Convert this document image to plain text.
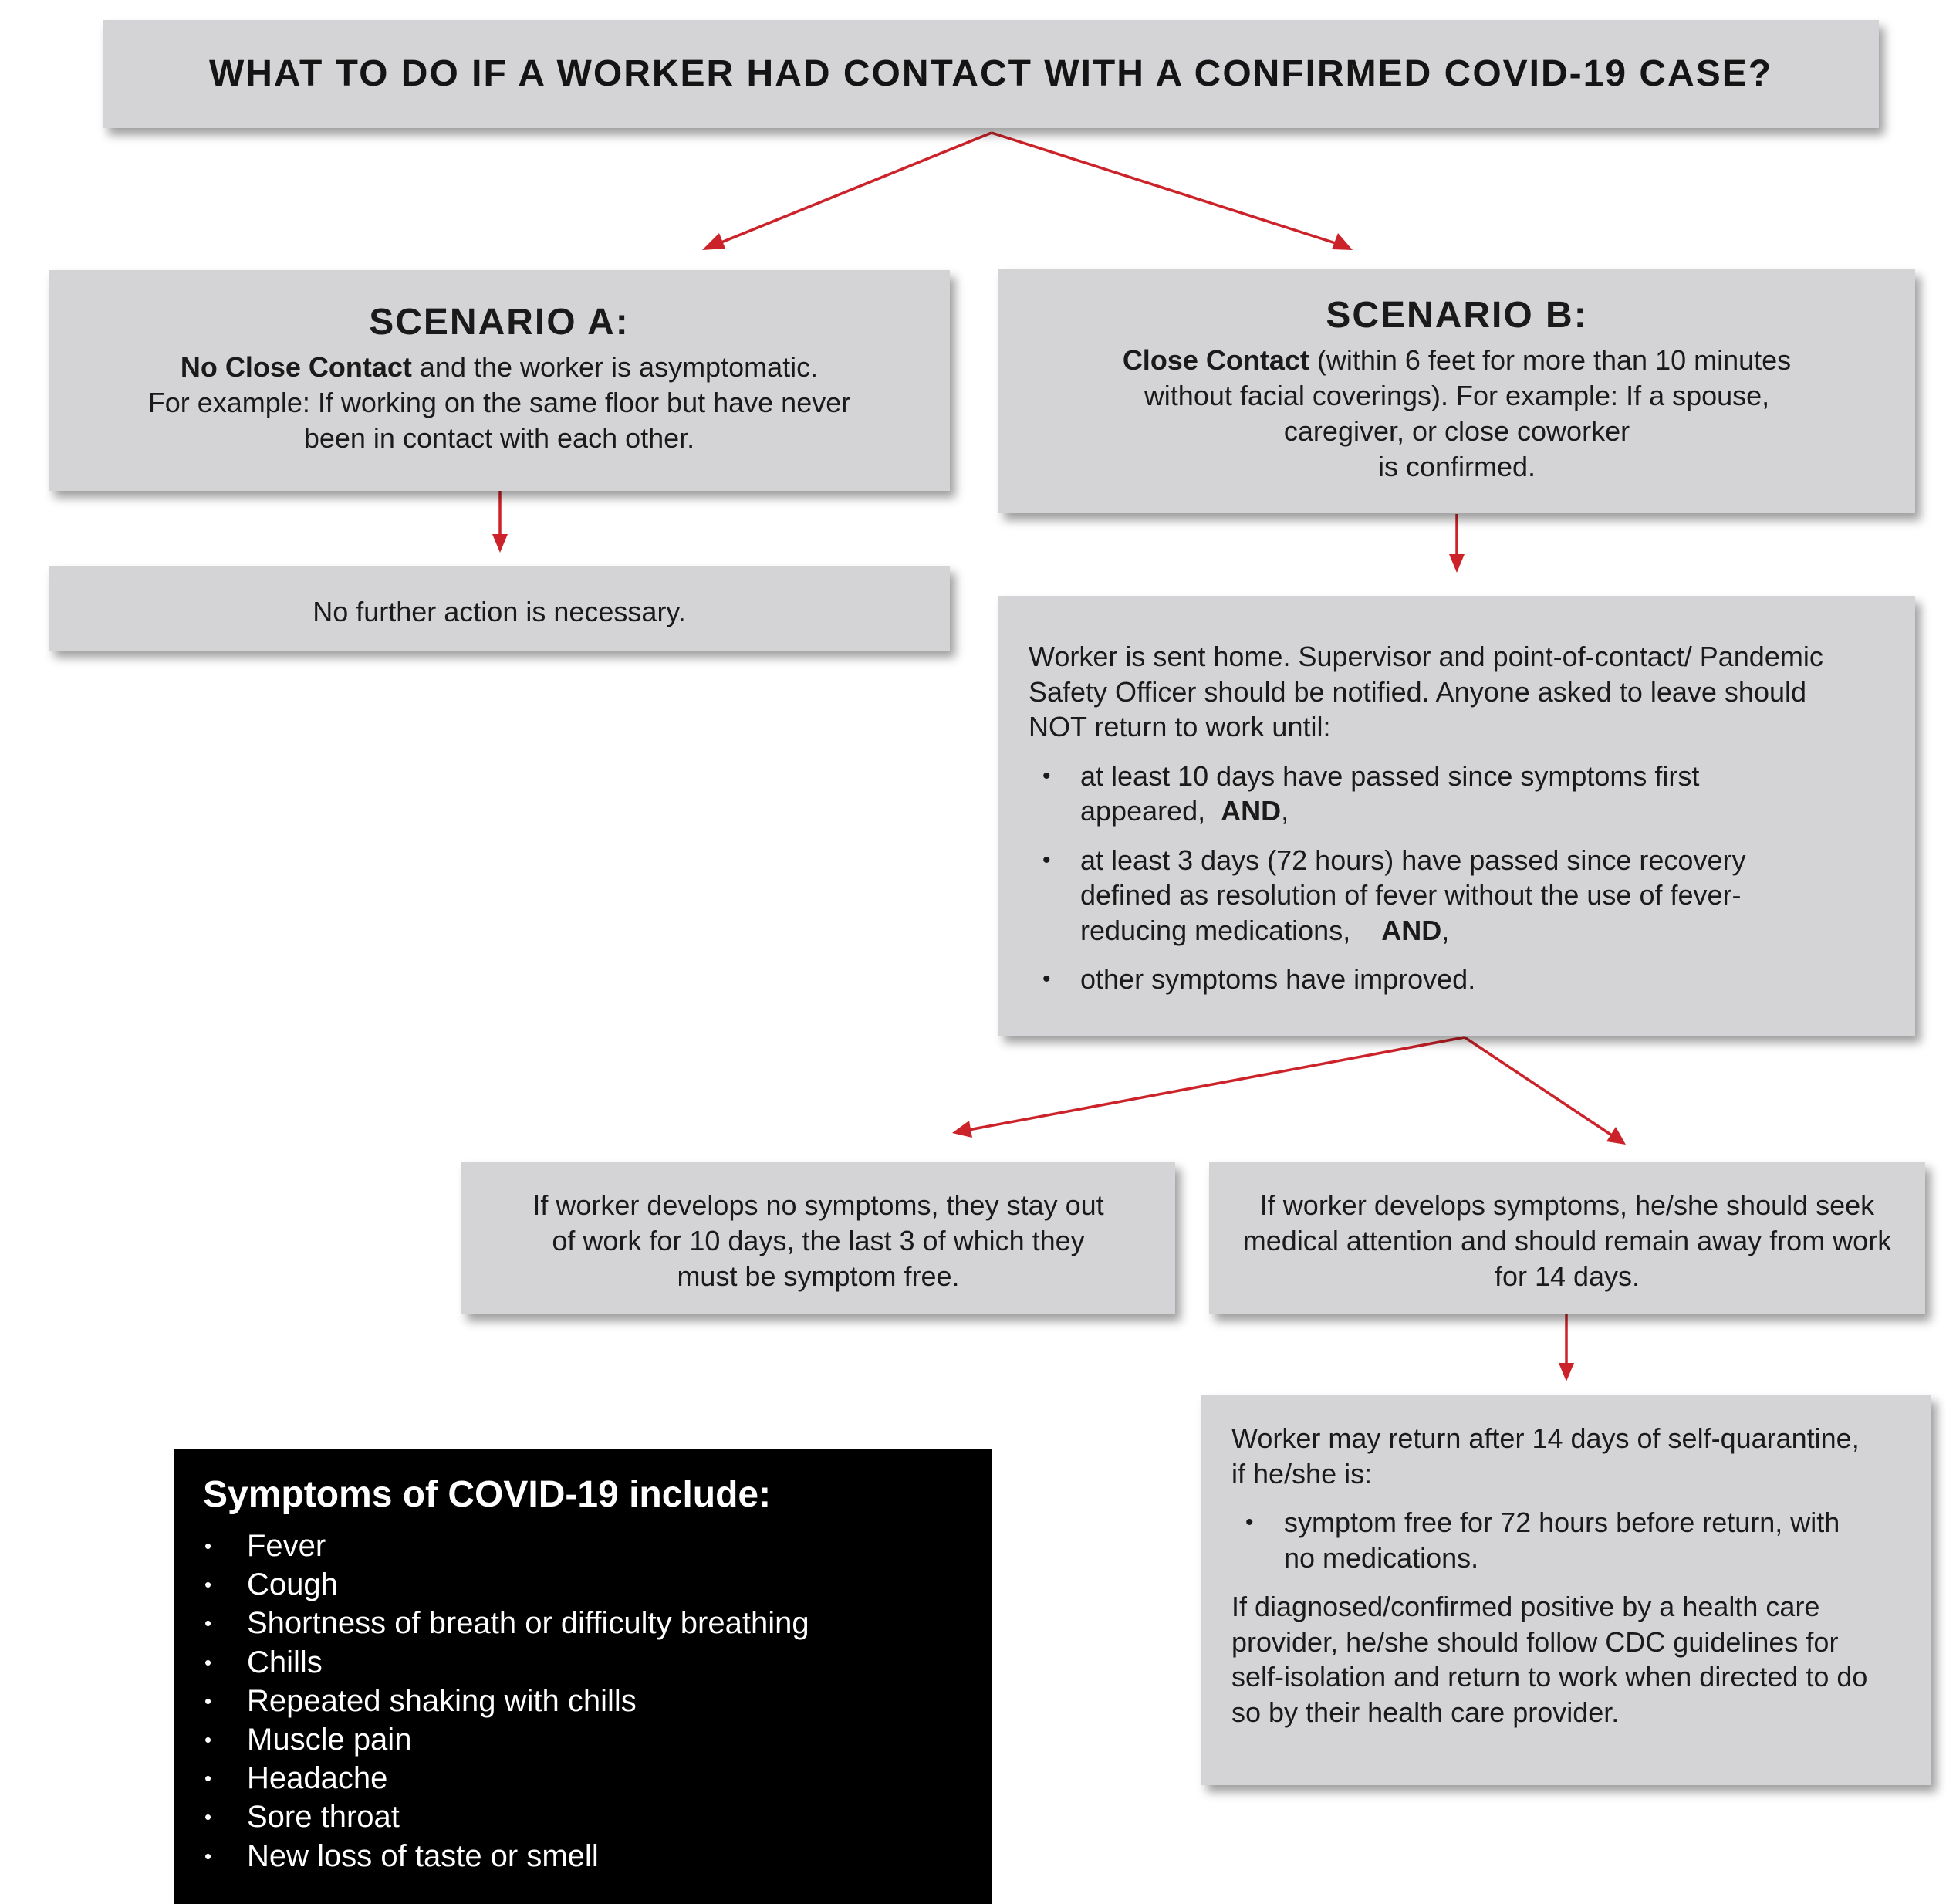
WHAT TO DO IF A WORKER HAD CONTACT WITH A CONFIRMED COVID-19 CASE?
SCENARIO A:
No Close Contact and the worker is asymptomatic.
For example: If working on the same floor but have never
been in contact with each other.
No further action is necessary.
SCENARIO B:
Close Contact (within 6 feet for more than 10 minutes
without facial coverings). For example: If a spouse,
caregiver, or close coworker
is confirmed.
Worker is sent home. Supervisor and point-of-contact/ Pandemic Safety Officer should be notified. Anyone asked to leave should NOT return to work until:
• at least 10 days have passed since symptoms first appeared, AND,
• at least 3 days (72 hours) have passed since recovery defined as resolution of fever without the use of fever-reducing medications, AND,
• other symptoms have improved.
If worker develops no symptoms, they stay out of work for 10 days, the last 3 of which they must be symptom free.
If worker develops symptoms, he/she should seek medical attention and should remain away from work for 14 days.
Worker may return after 14 days of self-quarantine, if he/she is:
• symptom free for 72 hours before return, with no medications.
If diagnosed/confirmed positive by a health care provider, he/she should follow CDC guidelines for self-isolation and return to work when directed to do so by their health care provider.
Symptoms of COVID-19 include:
• Fever
• Cough
• Shortness of breath or difficulty breathing
• Chills
• Repeated shaking with chills
• Muscle pain
• Headache
• Sore throat
• New loss of taste or smell
